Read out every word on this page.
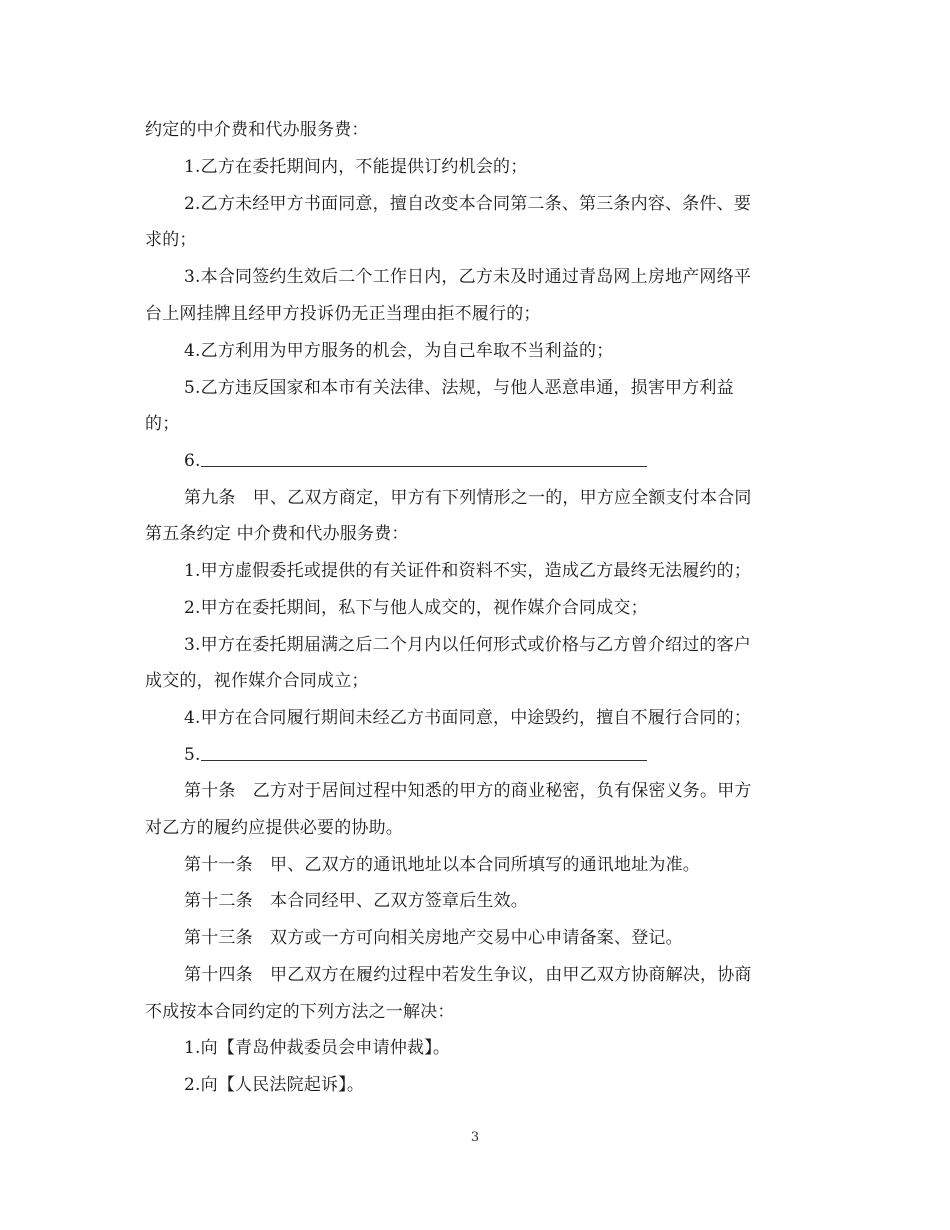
约定的中介费和代办服务费：
1.乙方在委托期间内，不能提供订约机会的；
2.乙方未经甲方书面同意，擅自改变本合同第二条、第三条内容、条件、要
求的；
3.本合同签约生效后二个工作日内，乙方未及时通过青岛网上房地产网络平
台上网挂牌且经甲方投诉仍无正当理由拒不履行的；
4.乙方利用为甲方服务的机会，为自己牟取不当利益的；
5.乙方违反国家和本市有关法律、法规，与他人恶意串通，损害甲方利益
的；
6.
第九条　甲、乙双方商定，甲方有下列情形之一的，甲方应全额支付本合同
第五条约定 中介费和代办服务费：
1.甲方虚假委托或提供的有关证件和资料不实，造成乙方最终无法履约的；
2.甲方在委托期间，私下与他人成交的，视作媒介合同成交；
3.甲方在委托期届满之后二个月内以任何形式或价格与乙方曾介绍过的客户
成交的，视作媒介合同成立；
4.甲方在合同履行期间未经乙方书面同意，中途毁约，擅自不履行合同的；
5.
第十条　乙方对于居间过程中知悉的甲方的商业秘密，负有保密义务。甲方
对乙方的履约应提供必要的协助。
第十一条　甲、乙双方的通讯地址以本合同所填写的通讯地址为准。
第十二条　本合同经甲、乙双方签章后生效。
第十三条　双方或一方可向相关房地产交易中心申请备案、登记。
第十四条　甲乙双方在履约过程中若发生争议，由甲乙双方协商解决，协商
不成按本合同约定的下列方法之一解决：
1.向【青岛仲裁委员会申请仲裁】。
2.向【人民法院起诉】。
3
